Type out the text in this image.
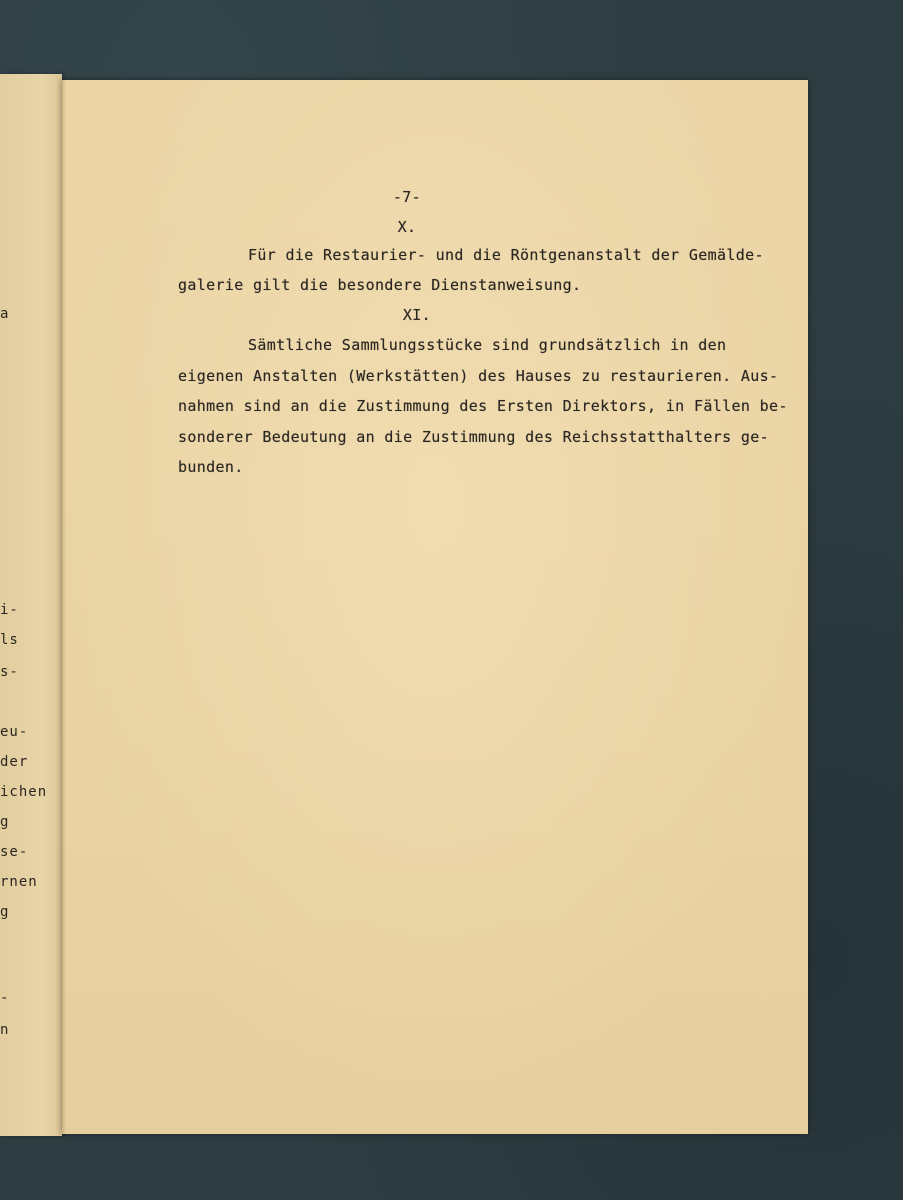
a
i-
ls
s-
eu-
der
ichen
g
se-
rnen
g
-
n
-7-
X.
Für die Restaurier- und die Röntgenanstalt der Gemälde-
galerie gilt die besondere Dienstanweisung.
XI.
Sämtliche Sammlungsstücke sind grundsätzlich in den
eigenen Anstalten (Werkstätten) des Hauses zu restaurieren. Aus-
nahmen sind an die Zustimmung des Ersten Direktors, in Fällen be-
sonderer Bedeutung an die Zustimmung des Reichsstatthalters ge-
bunden.
